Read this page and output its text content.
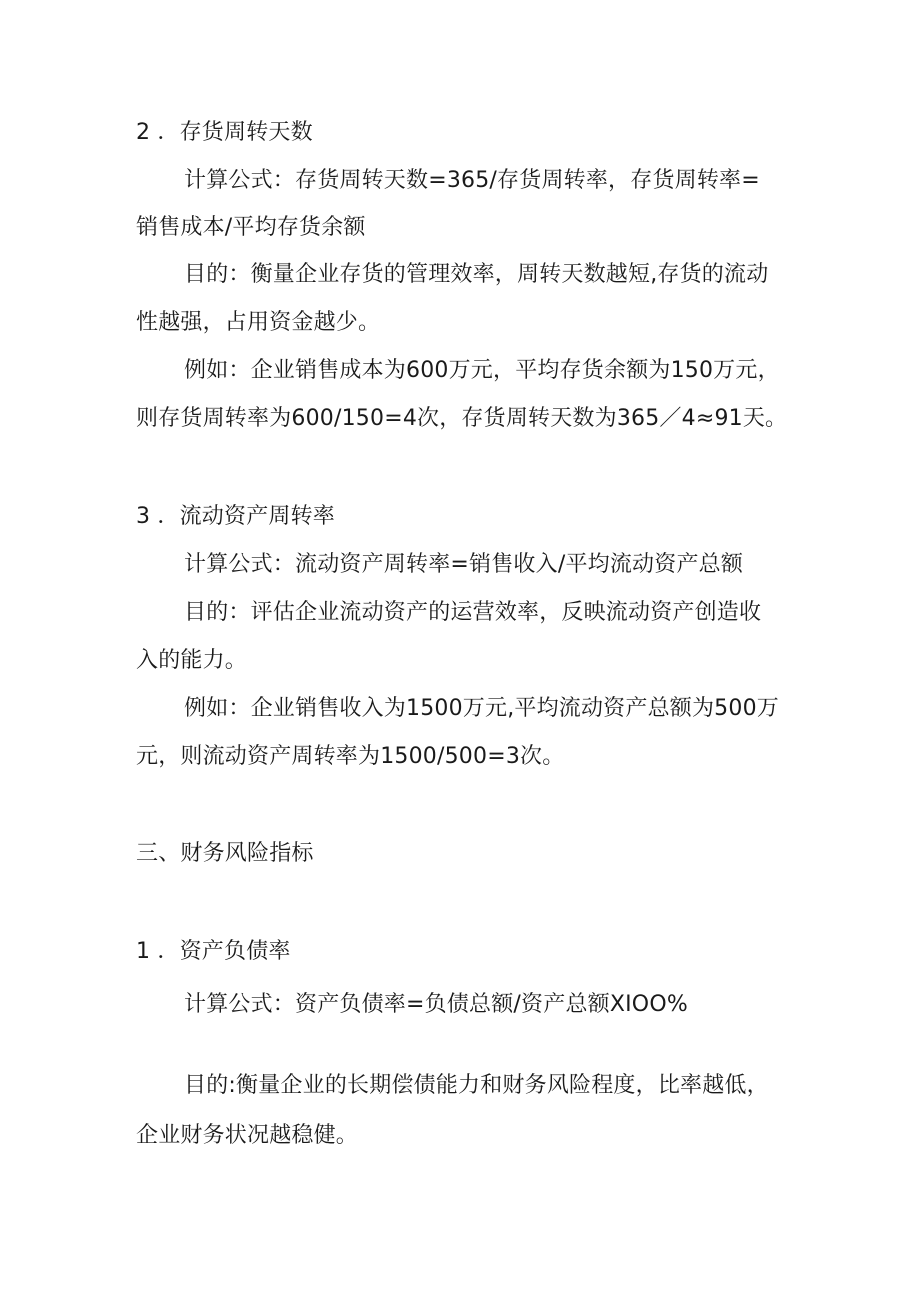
2 ．存货周转天数
计算公式：存货周转天数=365/存货周转率，存货周转率=
销售成本/平均存货余额
目的：衡量企业存货的管理效率，周转天数越短,存货的流动
性越强，占用资金越少。
例如：企业销售成本为600万元，平均存货余额为150万元，
则存货周转率为600/150=4次，存货周转天数为365／4≈91天。
3 ．流动资产周转率
计算公式：流动资产周转率=销售收入/平均流动资产总额
目的：评估企业流动资产的运营效率，反映流动资产创造收
入的能力。
例如：企业销售收入为1500万元,平均流动资产总额为500万
元，则流动资产周转率为1500/500=3次。
三、财务风险指标
1 ．资产负债率
计算公式：资产负债率=负债总额/资产总额XIOO%
目的:衡量企业的长期偿债能力和财务风险程度，比率越低，
企业财务状况越稳健。
